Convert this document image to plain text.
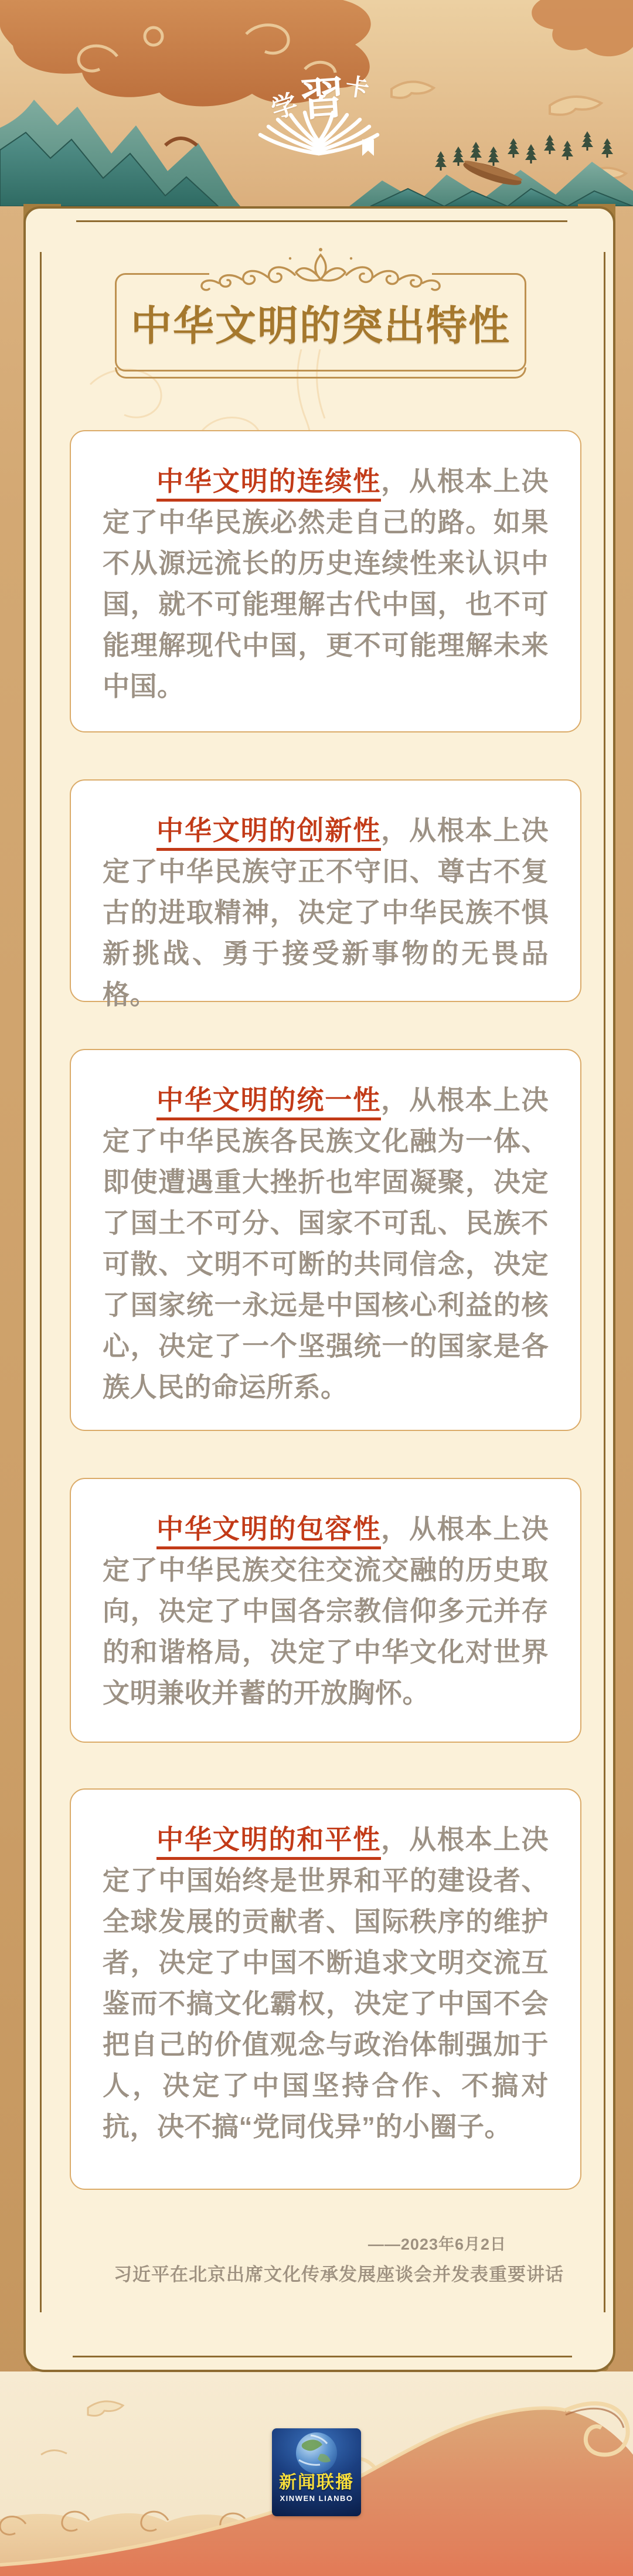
学
習
卡
中华文明的突出特性

中华文明的连续性，从根本上决定了中华民族必然走自己的路。如果不从源远流长的历史连续性来认识中国，就不可能理解古代中国，也不可能理解现代中国，更不可能理解未来中国。

中华文明的创新性，从根本上决定了中华民族守正不守旧、尊古不复古的进取精神，决定了中华民族不惧新挑战、勇于接受新事物的无畏品格。

中华文明的统一性，从根本上决定了中华民族各民族文化融为一体、即使遭遇重大挫折也牢固凝聚，决定了国土不可分、国家不可乱、民族不可散、文明不可断的共同信念，决定了国家统一永远是中国核心利益的核心，决定了一个坚强统一的国家是各族人民的命运所系。

中华文明的包容性，从根本上决定了中华民族交往交流交融的历史取向，决定了中国各宗教信仰多元并存的和谐格局，决定了中华文化对世界文明兼收并蓄的开放胸怀。

中华文明的和平性，从根本上决定了中国始终是世界和平的建设者、全球发展的贡献者、国际秩序的维护者，决定了中国不断追求文明交流互鉴而不搞文化霸权，决定了中国不会把自己的价值观念与政治体制强加于人，决定了中国坚持合作、不搞对抗，决不搞“党同伐异”的小圈子。

——2023年6月2日
习近平在北京出席文化传承发展座谈会并发表重要讲话
新闻联播
XINWEN LIANBO
